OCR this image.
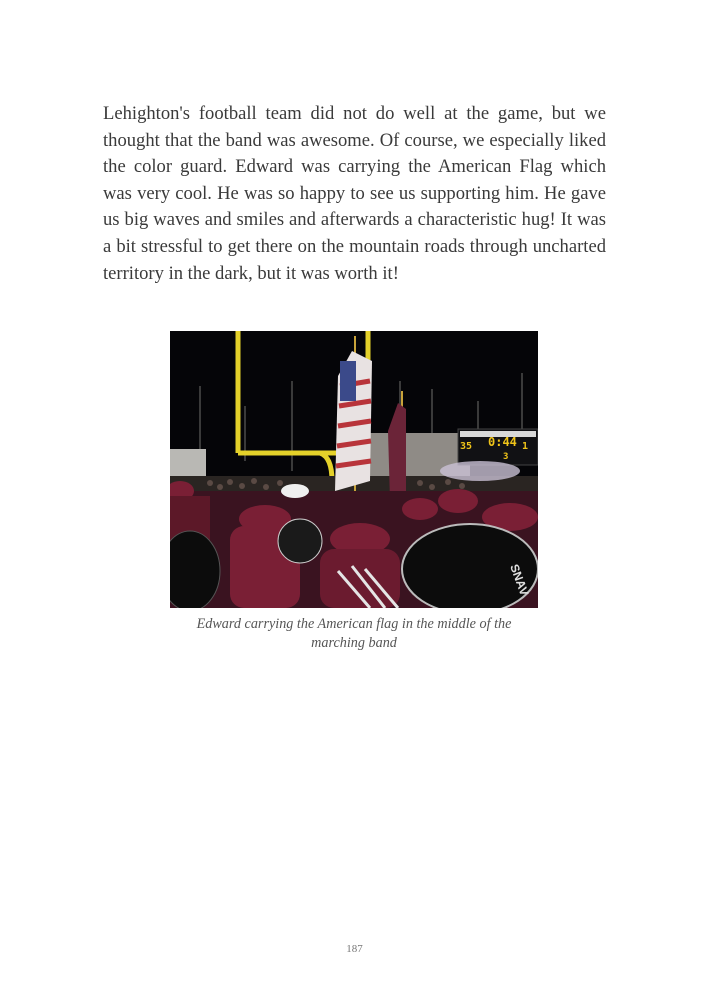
Lehighton's football team did not do well at the game, but we thought that the band was awesome. Of course, we especially liked the color guard. Edward was carrying the American Flag which was very cool. He was so happy to see us supporting him. He gave us big waves and smiles and afterwards a characteristic hug! It was a bit stressful to get there on the mountain roads through uncharted territory in the dark, but it was worth it!

0:44
35
3
1
SNAV

Edward carrying the American flag in the middle of the marching band

187
